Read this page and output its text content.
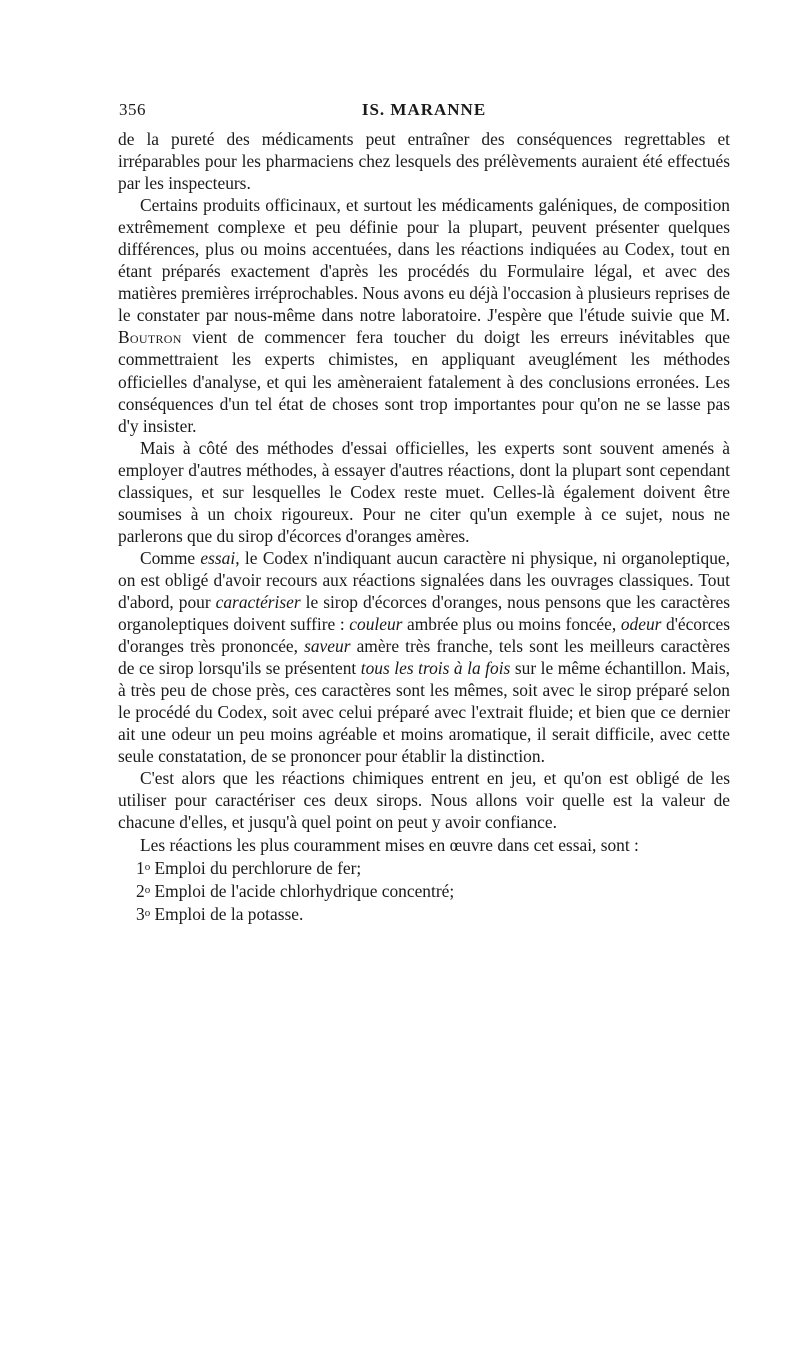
356	IS. MARANNE

de la pureté des médicaments peut entraîner des conséquences regrettables et irréparables pour les pharmaciens chez lesquels des prélèvements auraient été effectués par les inspecteurs.

Certains produits officinaux, et surtout les médicaments galéniques, de composition extrêmement complexe et peu définie pour la plupart, peuvent présenter quelques différences, plus ou moins accentuées, dans les réactions indiquées au Codex, tout en étant préparés exactement d'après les procédés du Formulaire légal, et avec des matières premières irréprochables. Nous avons eu déjà l'occasion à plusieurs reprises de le constater par nous-même dans notre laboratoire. J'espère que l'étude suivie que M. Boutron vient de commencer fera toucher du doigt les erreurs inévitables que commettraient les experts chimistes, en appliquant aveuglément les méthodes officielles d'analyse, et qui les amèneraient fatalement à des conclusions erronées. Les conséquences d'un tel état de choses sont trop importantes pour qu'on ne se lasse pas d'y insister.

Mais à côté des méthodes d'essai officielles, les experts sont souvent amenés à employer d'autres méthodes, à essayer d'autres réactions, dont la plupart sont cependant classiques, et sur lesquelles le Codex reste muet. Celles-là également doivent être soumises à un choix rigoureux. Pour ne citer qu'un exemple à ce sujet, nous ne parlerons que du sirop d'écorces d'oranges amères.

Comme essai, le Codex n'indiquant aucun caractère ni physique, ni organoleptique, on est obligé d'avoir recours aux réactions signalées dans les ouvrages classiques. Tout d'abord, pour caractériser le sirop d'écorces d'oranges, nous pensons que les caractères organoleptiques doivent suffire : couleur ambrée plus ou moins foncée, odeur d'écorces d'oranges très prononcée, saveur amère très franche, tels sont les meilleurs caractères de ce sirop lorsqu'ils se présentent tous les trois à la fois sur le même échantillon. Mais, à très peu de chose près, ces caractères sont les mêmes, soit avec le sirop préparé selon le procédé du Codex, soit avec celui préparé avec l'extrait fluide; et bien que ce dernier ait une odeur un peu moins agréable et moins aromatique, il serait difficile, avec cette seule constatation, de se prononcer pour établir la distinction.

C'est alors que les réactions chimiques entrent en jeu, et qu'on est obligé de les utiliser pour caractériser ces deux sirops. Nous allons voir quelle est la valeur de chacune d'elles, et jusqu'à quel point on peut y avoir confiance.

Les réactions les plus couramment mises en œuvre dans cet essai, sont :

1$^o$ Emploi du perchlorure de fer;
2$^o$ Emploi de l'acide chlorhydrique concentré;
3$^o$ Emploi de la potasse.
